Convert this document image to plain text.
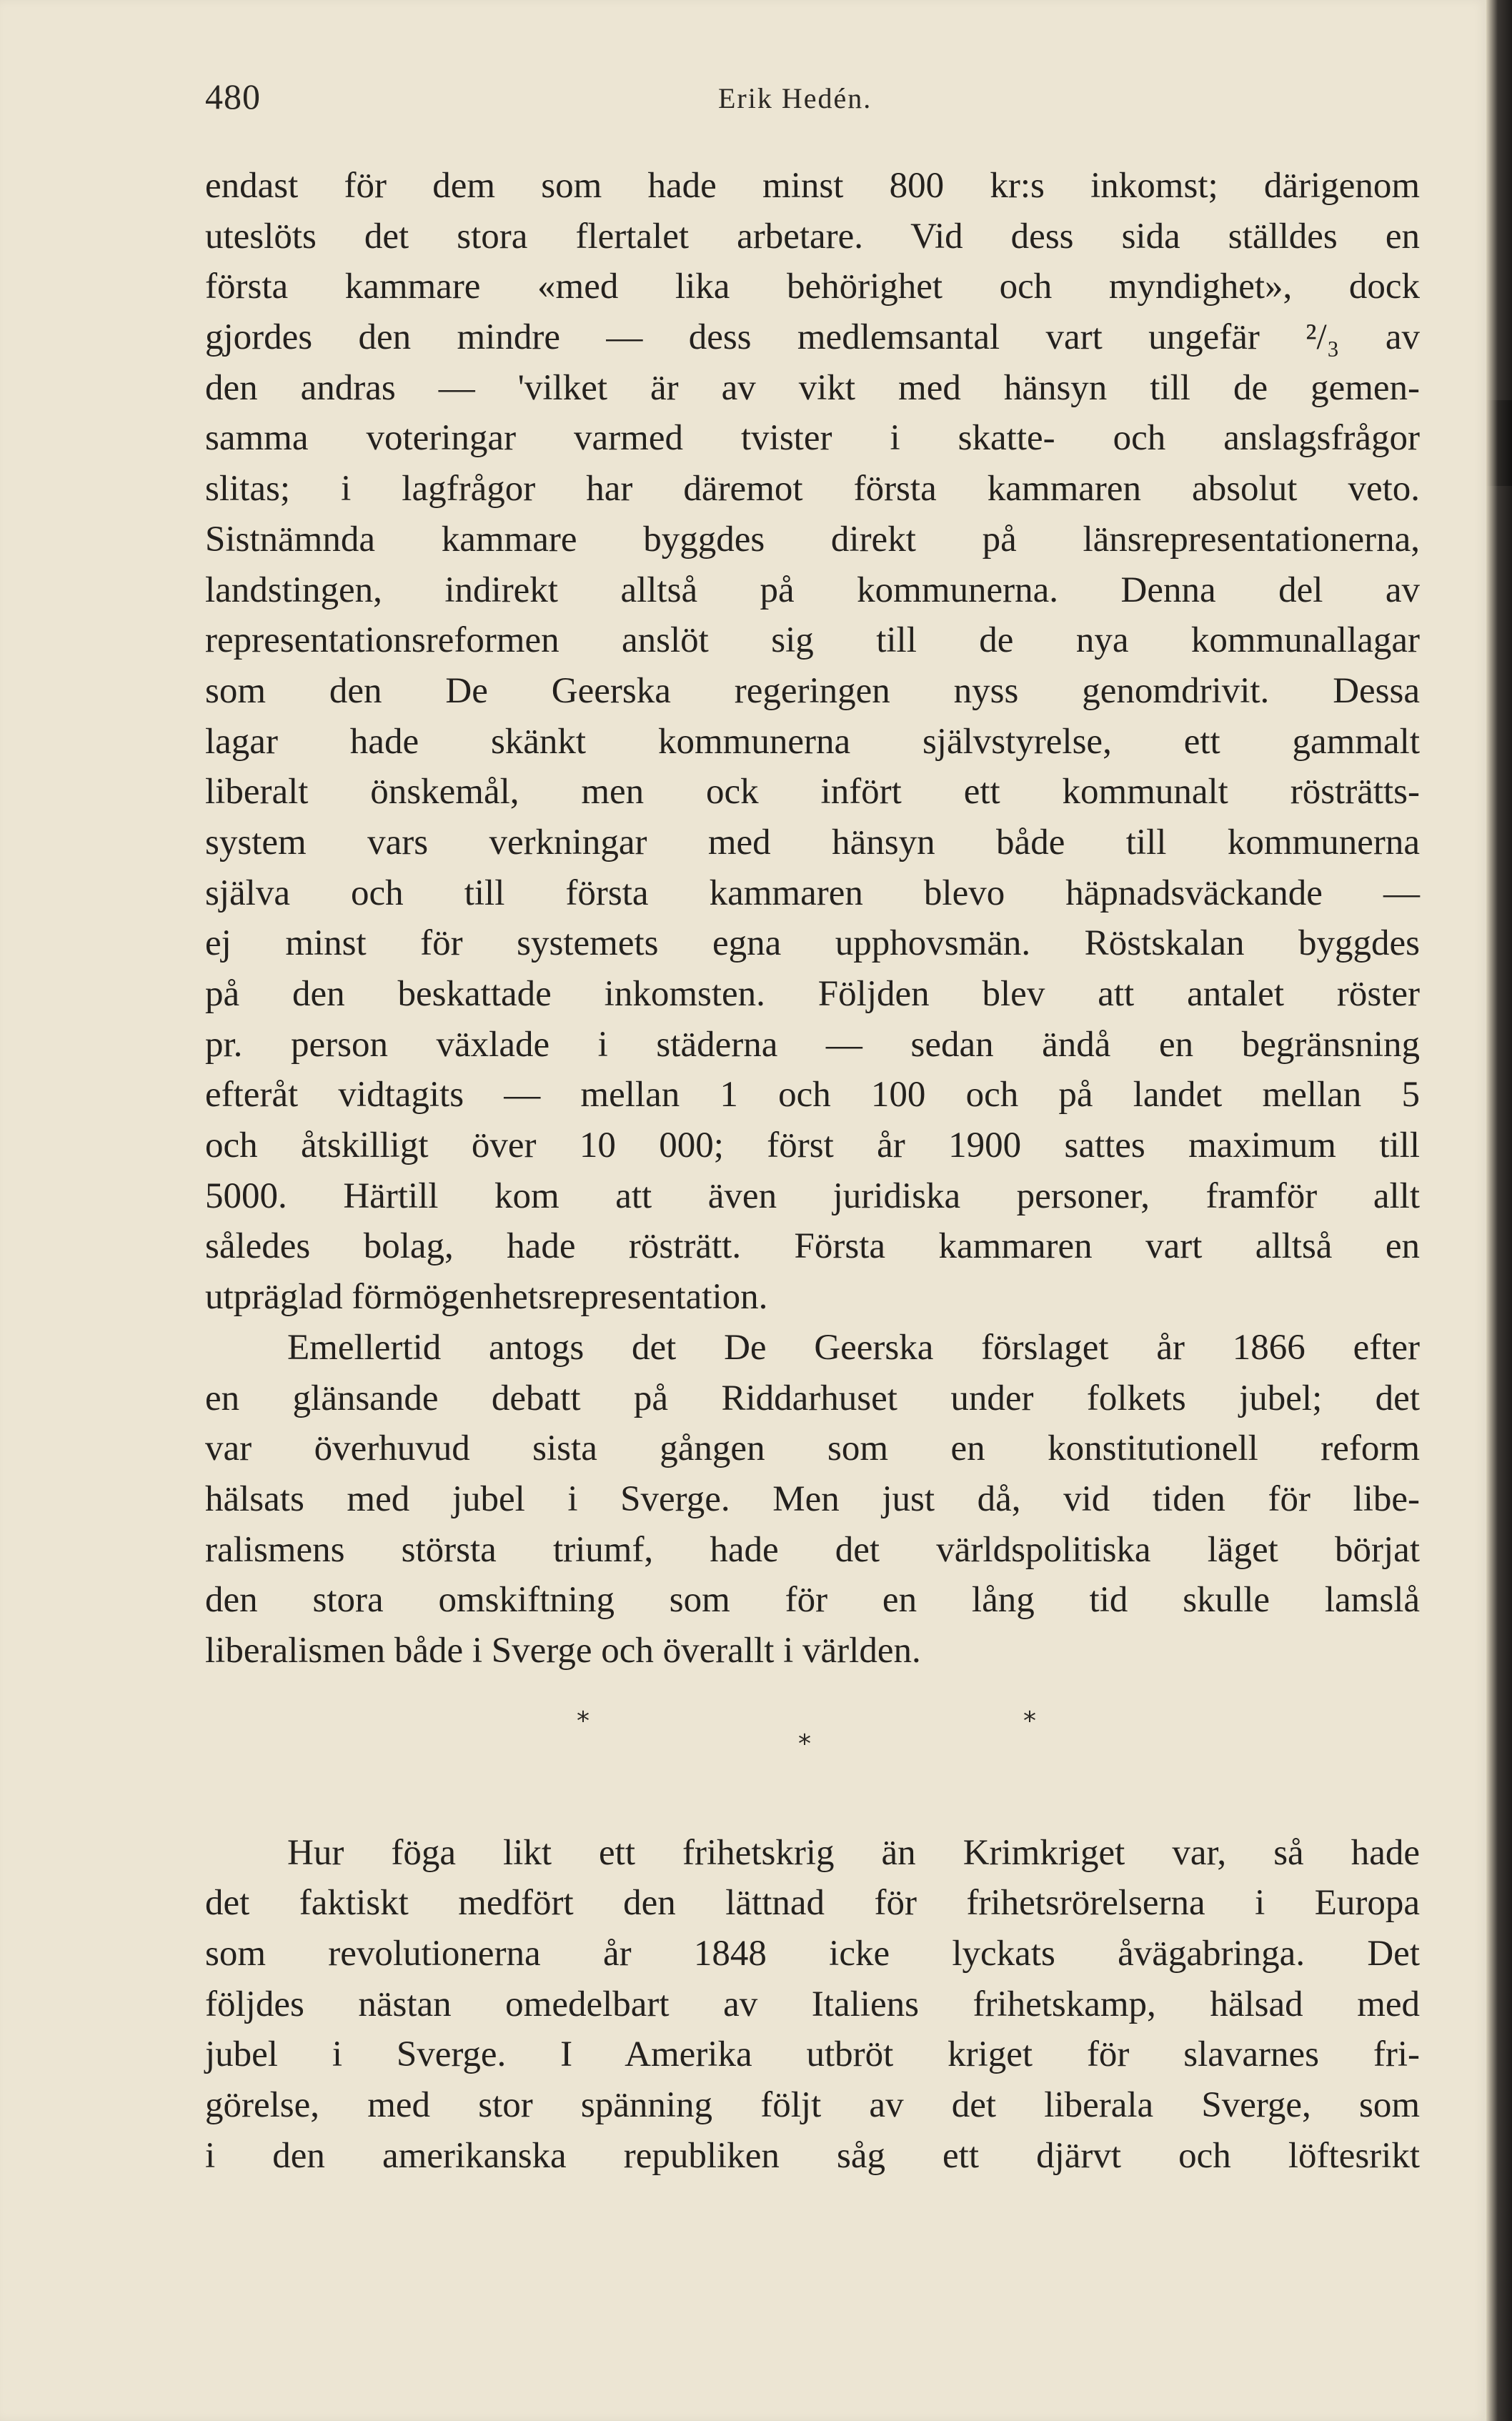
480	Erik Hedén.
endast för dem som hade minst 800 kr:s inkomst; därigenom
uteslöts det stora flertalet arbetare. Vid dess sida ställdes en
första kammare «med lika behörighet och myndighet», dock
gjordes den mindre — dess medlemsantal vart ungefär ²/₃ av
den andras — 'vilket är av vikt med hänsyn till de gemen-
samma voteringar varmed tvister i skatte- och anslagsfrågor
slitas; i lagfrågor har däremot första kammaren absolut veto.
Sistnämnda kammare byggdes direkt på länsrepresentationerna,
landstingen, indirekt alltså på kommunerna. Denna del av
representationsreformen anslöt sig till de nya kommunallagar
som den De Geerska regeringen nyss genomdrivit. Dessa
lagar hade skänkt kommunerna självstyrelse, ett gammalt
liberalt önskemål, men ock infört ett kommunalt rösträtts-
system vars verkningar med hänsyn både till kommunerna
själva och till första kammaren blevo häpnadsväckande —
ej minst för systemets egna upphovsmän. Röstskalan byggdes
på den beskattade inkomsten. Följden blev att antalet röster
pr. person växlade i städerna — sedan ändå en begränsning
efteråt vidtagits — mellan 1 och 100 och på landet mellan 5
och åtskilligt över 10 000; först år 1900 sattes maximum till
5000. Härtill kom att även juridiska personer, framför allt
således bolag, hade rösträtt. Första kammaren vart alltså en
utpräglad förmögenhetsrepresentation.
Emellertid antogs det De Geerska förslaget år 1866 efter
en glänsande debatt på Riddarhuset under folkets jubel; det
var överhuvud sista gången som en konstitutionell reform
hälsats med jubel i Sverge. Men just då, vid tiden för libe-
ralismens största triumf, hade det världspolitiska läget börjat
den stora omskiftning som för en lång tid skulle lamslå
liberalismen både i Sverge och överallt i världen.
*
*
*
Hur föga likt ett frihetskrig än Krimkriget var, så hade
det faktiskt medfört den lättnad för frihetsrörelserna i Europa
som revolutionerna år 1848 icke lyckats åvägabringa. Det
följdes nästan omedelbart av Italiens frihetskamp, hälsad med
jubel i Sverge. I Amerika utbröt kriget för slavarnes fri-
görelse, med stor spänning följt av det liberala Sverge, som
i den amerikanska republiken såg ett djärvt och löftesrikt
